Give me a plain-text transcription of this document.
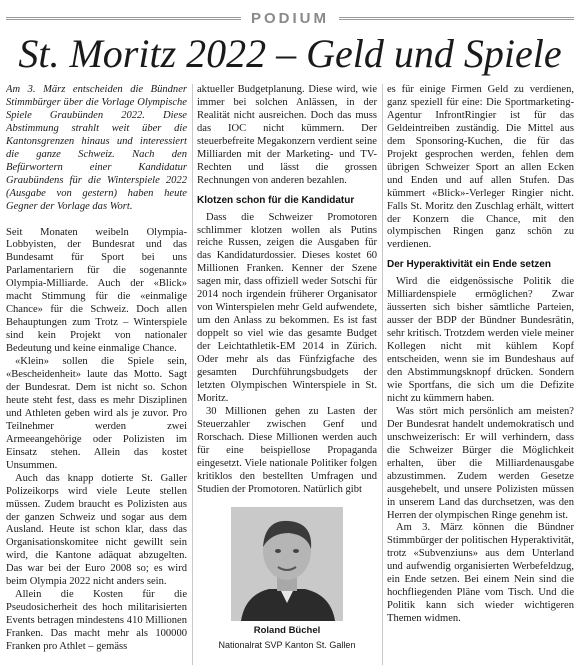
PODIUM
St. Moritz 2022 – Geld und Spiele

Am 3. März entscheiden die Bündner Stimmbürger über die Vorlage Olympische Spiele Graubünden 2022. Diese Abstimmung strahlt weit über die Kantonsgrenzen hinaus und interessiert die ganze Schweiz. Nach den Befürwortern einer Kandidatur Graubündens für die Winterspiele 2022 (Ausgabe von gestern) haben heute Gegner der Vorlage das Wort.

Seit Monaten weibeln Olympia-Lobbyisten, der Bundesrat und das Bundesamt für Sport bei uns Parlamentariern für die sogenannte Olympia-Milliarde. Auch der «Blick» macht Stimmung für die «einmalige Chance» für die Schweiz. Doch allen Behauptungen zum Trotz – Winterspiele sind kein Projekt von nationaler Bedeutung und keine einmalige Chance.

«Klein» sollen die Spiele sein, «Bescheidenheit» laute das Motto. Sagt der Bundesrat. Dem ist nicht so. Schon heute steht fest, dass es mehr Disziplinen und Athleten geben wird als je zuvor. Pro Teilnehmer werden zwei Armeeangehörige oder Polizisten im Einsatz stehen. Allein das kostet Unsummen.

Auch das knapp dotierte St. Galler Polizeikorps wird viele Leute stellen müssen. Zudem braucht es Polizisten aus der ganzen Schweiz und sogar aus dem Ausland. Heute ist schon klar, dass das Organisationskomitee nicht gewillt sein wird, die Kantone adäquat abzugelten. Das war bei der Euro 2008 so; es wird beim Olympia 2022 nicht anders sein.

Allein die Kosten für die Pseudosicherheit des hoch militarisierten Events betragen mindestens 410 Millionen Franken. Das macht mehr als 100000 Franken pro Athlet – gemäss

aktueller Budgetplanung. Diese wird, wie immer bei solchen Anlässen, in der Realität nicht ausreichen. Doch das muss das IOC nicht kümmern. Der steuerbefreite Megakonzern verdient seine Milliarden mit der Marketing- und TV-Rechten und lässt die grossen Rechnungen von anderen bezahlen.

Klotzen schon für die Kandidatur

Dass die Schweizer Promotoren schlimmer klotzen wollen als Putins reiche Russen, zeigen die Ausgaben für das Kandidaturdossier. Dieses kostet 60 Millionen Franken. Kenner der Szene sagen mir, dass offiziell weder Sotschi für 2014 noch irgendein früherer Organisator von Winterspielen mehr Geld aufwendete, um den Anlass zu bekommen. Es ist fast doppelt so viel wie das gesamte Budget der Leichtathletik-EM 2014 in Zürich. Oder mehr als das Fünfzigfache des gesamten Durchführungsbudgets der letzten Olympischen Winterspiele in St. Moritz.

30 Millionen gehen zu Lasten der Steuerzahler zwischen Genf und Rorschach. Diese Millionen werden auch für eine beispiellose Propaganda eingesetzt. Viele nationale Politiker folgen kritiklos den bestellten Umfragen und Studien der Promotoren. Natürlich gibt

Roland Büchel
Nationalrat SVP Kanton St. Gallen

es für einige Firmen Geld zu verdienen, ganz speziell für eine: Die Sportmarketing-Agentur InfrontRingier ist für das Geldeintreiben zuständig. Die Mittel aus dem Sponsoring-Kuchen, die für das Projekt gesprochen werden, fehlen dem übrigen Schweizer Sport an allen Ecken und Enden und auf allen Stufen. Das kümmert «Blick»-Verleger Ringier nicht. Falls St. Moritz den Zuschlag erhält, wittert der Konzern die Chance, mit den olympischen Ringen ganz schön zu verdienen.

Der Hyperaktivität ein Ende setzen

Wird die eidgenössische Politik die Milliardenspiele ermöglichen? Zwar äusserten sich bisher sämtliche Parteien, ausser der BDP der Bündner Bundesrätin, sehr kritisch. Trotzdem werden viele meiner Kollegen nicht mit kühlem Kopf entscheiden, wenn sie im Bundeshaus auf den Abstimmungsknopf drücken. Sondern wie Sportfans, die sich um die Defizite nicht zu kümmern haben.

Was stört mich persönlich am meisten? Der Bundesrat handelt undemokratisch und unschweizerisch: Er will verhindern, dass die Schweizer Bürger die Möglichkeit erhalten, über die Milliardenausgabe abzustimmen. Zudem werden Gesetze ausgehebelt, und unsere Polizisten müssen in unserem Land das durchsetzen, was den Herren der olympischen Ringe genehm ist.

Am 3. März können die Bündner Stimmbürger der politischen Hyperaktivität, trotz «Subvenziuns» aus dem Unterland und aufwendig organisierten Werbefeldzug, ein Ende setzen. Bei einem Nein sind die hochfliegenden Pläne vom Tisch. Und die Politik kann sich wieder wichtigeren Themen widmen.
